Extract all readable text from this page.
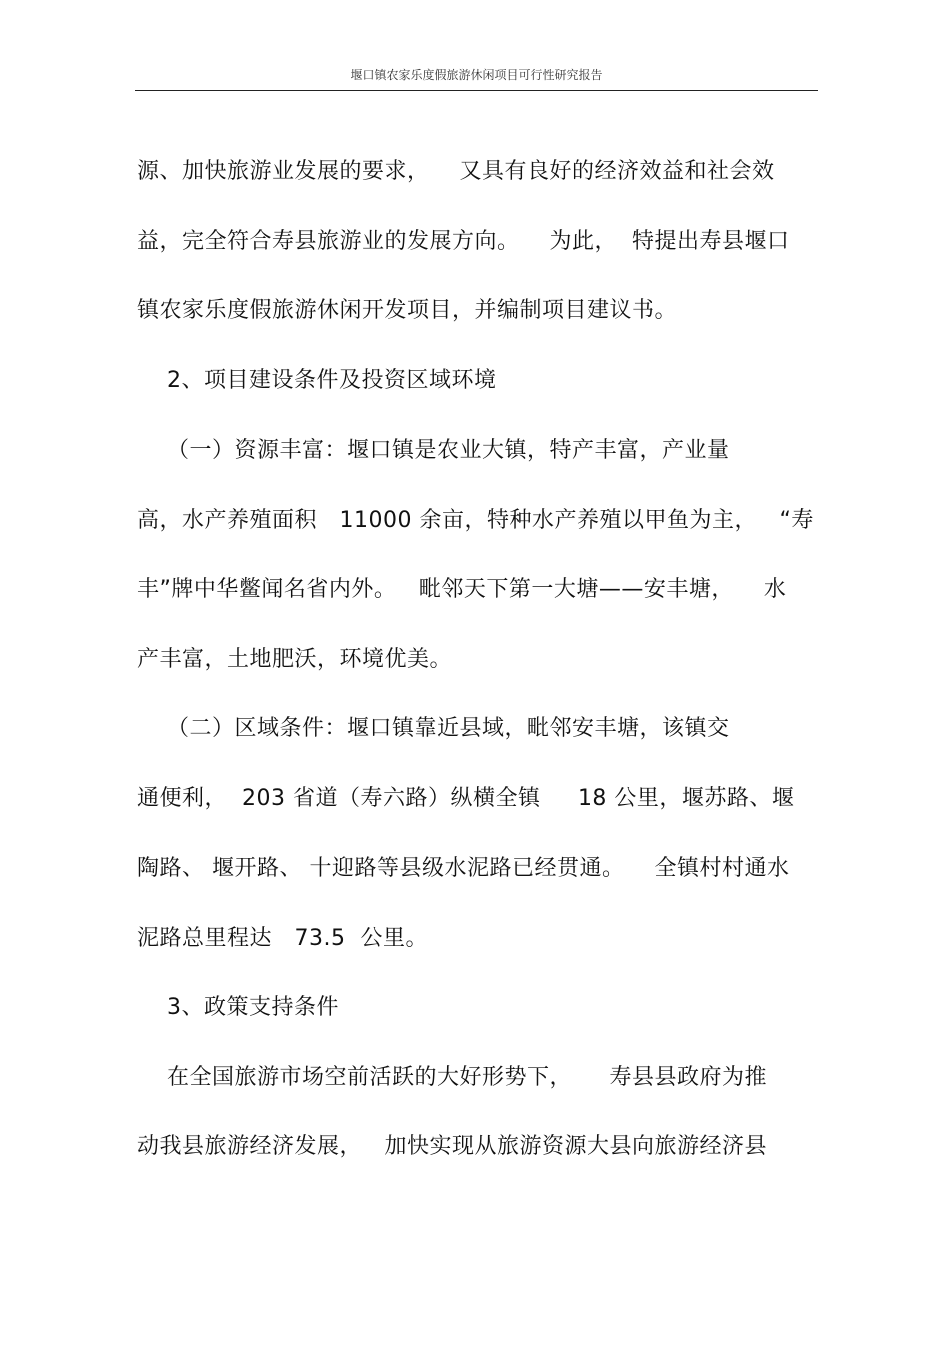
堰口镇农家乐度假旅游休闲项目可行性研究报告
源、加快旅游业发展的要求，    又具有良好的经济效益和社会效
益，完全符合寿县旅游业的发展方向。    为此，  特提出寿县堰口
镇农家乐度假旅游休闲开发项目，并编制项目建议书。
2、项目建设条件及投资区域环境
（一）资源丰富：堰口镇是农业大镇，特产丰富，产业量
高，水产养殖面积   11000 余亩，特种水产养殖以甲鱼为主，   “寿
丰”牌中华鳖闻名省内外。   毗邻天下第一大塘——安丰塘，    水
产丰富，土地肥沃，环境优美。
（二）区域条件：堰口镇靠近县域，毗邻安丰塘，该镇交
通便利，  203 省道（寿六路）纵横全镇     18 公里，堰苏路、堰
陶路、 堰开路、 十迎路等县级水泥路已经贯通。    全镇村村通水
泥路总里程达   73.5  公里。
3、政策支持条件
在全国旅游市场空前活跃的大好形势下，     寿县县政府为推
动我县旅游经济发展，   加快实现从旅游资源大县向旅游经济县
